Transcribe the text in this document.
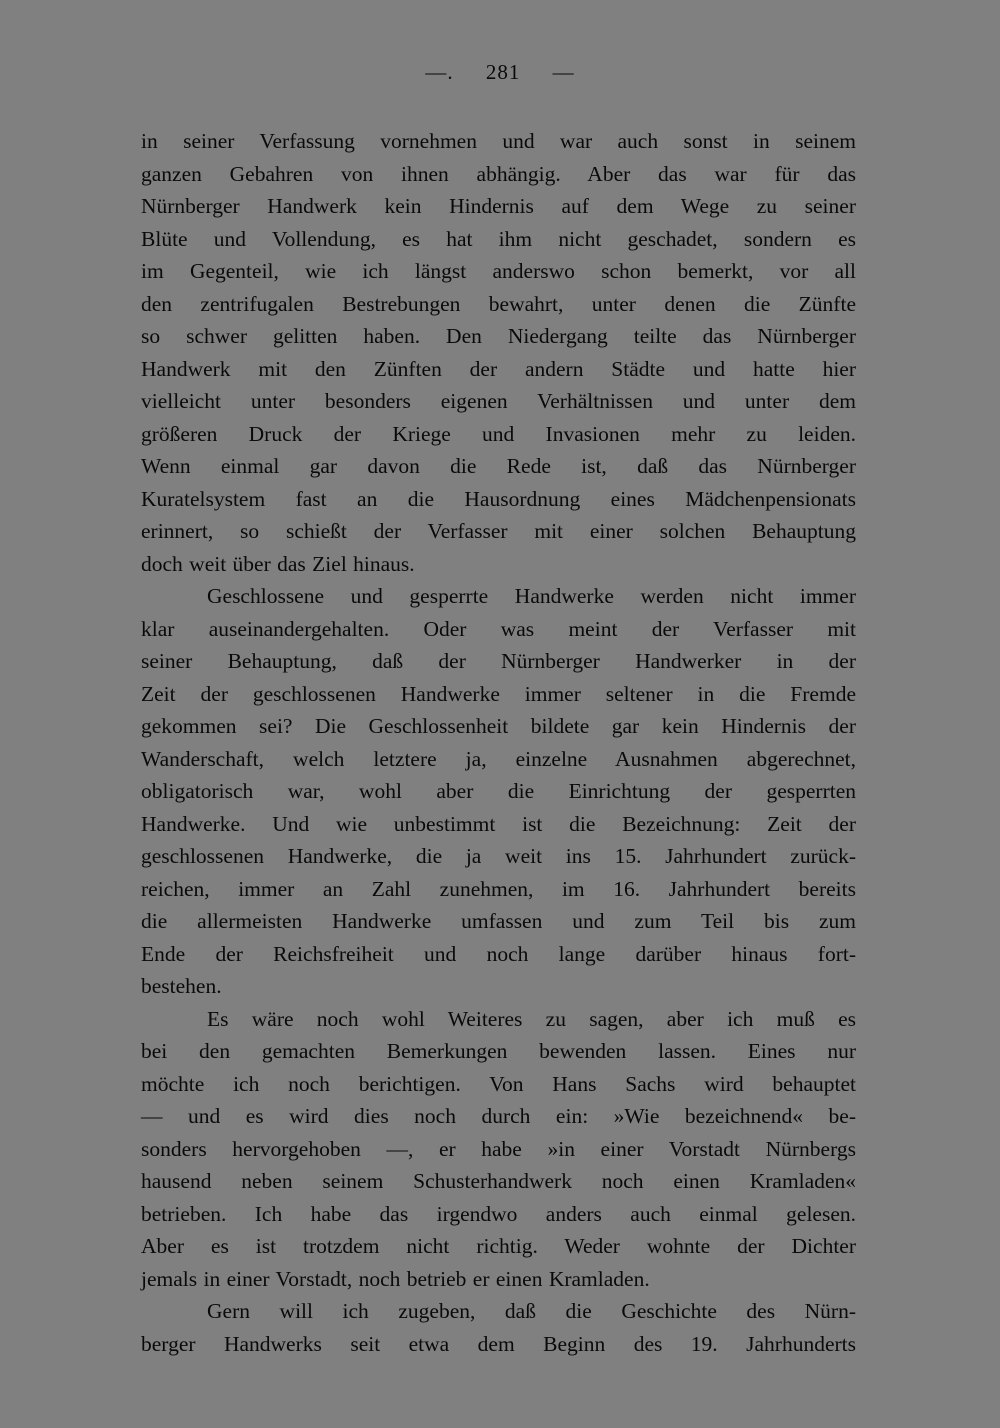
—. 281 —
in seiner Verfassung vornehmen und war auch sonst in seinem
ganzen Gebahren von ihnen abhängig. Aber das war für das
Nürnberger Handwerk kein Hindernis auf dem Wege zu seiner
Blüte und Vollendung, es hat ihm nicht geschadet, sondern es
im Gegenteil, wie ich längst anderswo schon bemerkt, vor all
den zentrifugalen Bestrebungen bewahrt, unter denen die Zünfte
so schwer gelitten haben. Den Niedergang teilte das Nürnberger
Handwerk mit den Zünften der andern Städte und hatte hier
vielleicht unter besonders eigenen Verhältnissen und unter dem
größeren Druck der Kriege und Invasionen mehr zu leiden.
Wenn einmal gar davon die Rede ist, daß das Nürnberger
Kuratelsystem fast an die Hausordnung eines Mädchenpensionats
erinnert, so schießt der Verfasser mit einer solchen Behauptung
doch weit über das Ziel hinaus.
Geschlossene und gesperrte Handwerke werden nicht immer
klar auseinandergehalten. Oder was meint der Verfasser mit
seiner Behauptung, daß der Nürnberger Handwerker in der
Zeit der geschlossenen Handwerke immer seltener in die Fremde
gekommen sei? Die Geschlossenheit bildete gar kein Hindernis der
Wanderschaft, welch letztere ja, einzelne Ausnahmen abgerechnet,
obligatorisch war, wohl aber die Einrichtung der gesperrten
Handwerke. Und wie unbestimmt ist die Bezeichnung: Zeit der
geschlossenen Handwerke, die ja weit ins 15. Jahrhundert zurück-
reichen, immer an Zahl zunehmen, im 16. Jahrhundert bereits
die allermeisten Handwerke umfassen und zum Teil bis zum
Ende der Reichsfreiheit und noch lange darüber hinaus fort-
bestehen.
Es wäre noch wohl Weiteres zu sagen, aber ich muß es
bei den gemachten Bemerkungen bewenden lassen. Eines nur
möchte ich noch berichtigen. Von Hans Sachs wird behauptet
— und es wird dies noch durch ein: »Wie bezeichnend« be-
sonders hervorgehoben —, er habe »in einer Vorstadt Nürnbergs
hausend neben seinem Schusterhandwerk noch einen Kramladen«
betrieben. Ich habe das irgendwo anders auch einmal gelesen.
Aber es ist trotzdem nicht richtig. Weder wohnte der Dichter
jemals in einer Vorstadt, noch betrieb er einen Kramladen.
Gern will ich zugeben, daß die Geschichte des Nürn-
berger Handwerks seit etwa dem Beginn des 19. Jahrhunderts
